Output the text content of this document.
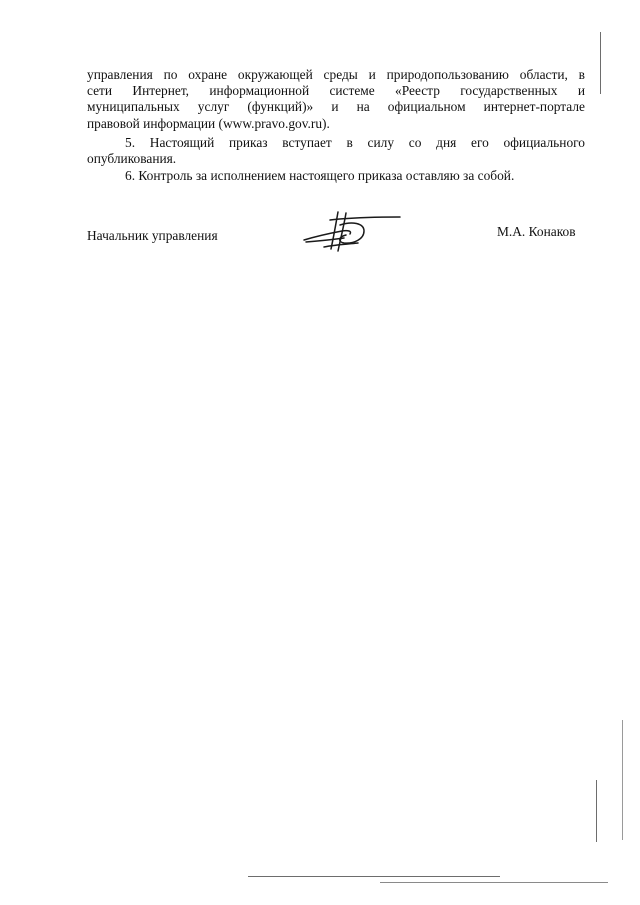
управления по охране окружающей среды и природопользованию области, в
сети Интернет, информационной системе «Реестр государственных и
муниципальных услуг (функций)» и на официальном интернет-портале
правовой информации (www.pravo.gov.ru).
5. Настоящий приказ вступает в силу со дня его официального
опубликования.
6. Контроль за исполнением настоящего приказа оставляю за собой.
Начальник управления	М.А. Конаков
